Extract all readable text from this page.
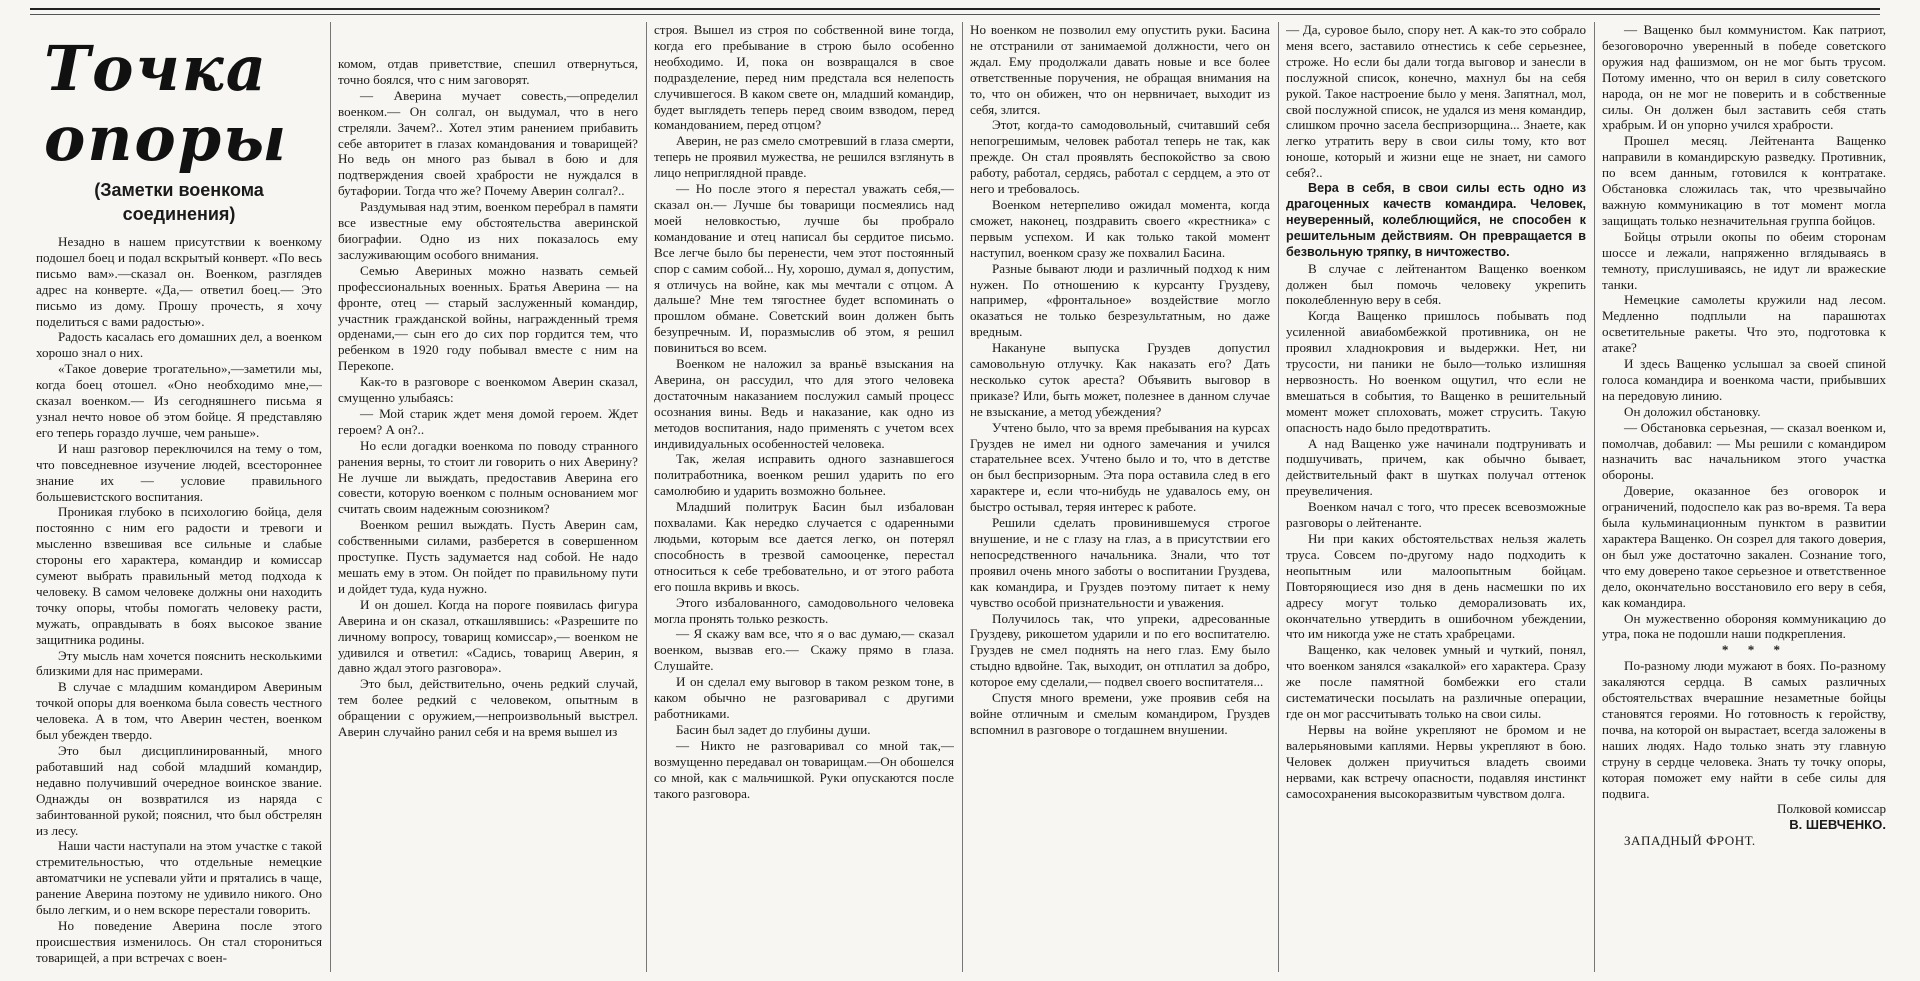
Точка опоры
(Заметки военкома соединения)

Незадно в нашем присутствии к военкому подошел боец и подал вскрытый конверт. «По весь письмо вам».—сказал он. Военком, разглядев адрес на конверте. «Да,— ответил боец.— Это письмо из дому. Прошу прочесть, я хочу поделиться с вами радостью».

Радость касалась его домашних дел, а военком хорошо знал о них.

«Такое доверие трогательно»,—заметили мы, когда боец отошел. «Оно необходимо мне,— сказал военком.— Из сегодняшнего письма я узнал нечто новое об этом бойце. Я представляю его теперь гораздо лучше, чем раньше».

И наш разговор переключился на тему о том, что повседневное изучение людей, всестороннее знание их — условие правильного большевистского воспитания.

Проникая глубоко в психологию бойца, деля постоянно с ним его радости и тревоги и мысленно взвешивая все сильные и слабые стороны его характера, командир и комиссар сумеют выбрать правильный метод подхода к человеку. В самом человеке должны они находить точку опоры, чтобы помогать человеку расти, мужать, оправдывать в боях высокое звание защитника родины.

Эту мысль нам хочется пояснить несколькими близкими для нас примерами.

В случае с младшим командиром Авериным точкой опоры для военкома была совесть честного человека. А в том, что Аверин честен, военком был убежден твердо.

Это был дисциплинированный, много работавший над собой младший командир, недавно получивший очередное воинское звание. Однажды он возвратился из наряда с забинтованной рукой; пояснил, что был обстрелян из лесу.

Наши части наступали на этом участке с такой стремительностью, что отдельные немецкие автоматчики не успевали уйти и прятались в чаще, ранение Аверина поэтому не удивило никого. Оно было легким, и о нем вскоре перестали говорить.

Но поведение Аверина после этого происшествия изменилось. Он стал сторониться товарищей, а при встречах с воен-

комом, отдав приветствие, спешил отвернуться, точно боялся, что с ним заговорят.

— Аверина мучает совесть,—определил военком.— Он солгал, он выдумал, что в него стреляли. Зачем?.. Хотел этим ранением прибавить себе авторитет в глазах командования и товарищей? Но ведь он много раз бывал в бою и для подтверждения своей храбрости не нуждался в бутафории. Тогда что же? Почему Аверин солгал?..

Раздумывая над этим, военком перебрал в памяти все известные ему обстоятельства аверинской биографии. Одно из них показалось ему заслуживающим особого внимания.

Семью Авериных можно назвать семьей профессиональных военных. Братья Аверина — на фронте, отец — старый заслуженный командир, участник гражданской войны, награжденный тремя орденами,— сын его до сих пор гордится тем, что ребенком в 1920 году побывал вместе с ним на Перекопе.

Как-то в разговоре с военкомом Аверин сказал, смущенно улыбаясь:

— Мой старик ждет меня домой героем. Ждет героем? А он?..

Но если догадки военкома по поводу странного ранения верны, то стоит ли говорить о них Аверину? Не лучше ли выждать, предоставив Аверина его совести, которую военком с полным основанием мог считать своим надежным союзником?

Военком решил выждать. Пусть Аверин сам, собственными силами, разберется в совершенном проступке. Пусть задумается над собой. Не надо мешать ему в этом. Он пойдет по правильному пути и дойдет туда, куда нужно.

И он дошел. Когда на пороге появилась фигура Аверина и он сказал, откашлявшись: «Разрешите по личному вопросу, товарищ комиссар»,— военком не удивился и ответил: «Садись, товарищ Аверин, я давно ждал этого разговора».

Это был, действительно, очень редкий случай, тем более редкий с человеком, опытным в обращении с оружием,—непроизвольный выстрел. Аверин случайно ранил себя и на время вышел из

строя. Вышел из строя по собственной вине тогда, когда его пребывание в строю было особенно необходимо. И, пока он возвращался в свое подразделение, перед ним предстала вся нелепость случившегося. В каком свете он, младший командир, будет выглядеть теперь перед своим взводом, перед командованием, перед отцом?

Аверин, не раз смело смотревший в глаза смерти, теперь не проявил мужества, не решился взглянуть в лицо неприглядной правде.

— Но после этого я перестал уважать себя,— сказал он.— Лучше бы товарищи посмеялись над моей неловкостью, лучше бы пробрало командование и отец написал бы сердитое письмо. Все легче было бы перенести, чем этот постоянный спор с самим собой... Ну, хорошо, думал я, допустим, я отличусь на войне, как мы мечтали с отцом. А дальше? Мне тем тягостнее будет вспоминать о прошлом обмане. Советский воин должен быть безупречным. И, поразмыслив об этом, я решил повиниться во всем.

Военком не наложил за враньё взыскания на Аверина, он рассудил, что для этого человека достаточным наказанием послужил самый процесс осознания вины. Ведь и наказание, как одно из методов воспитания, надо применять с учетом всех индивидуальных особенностей человека.

Так, желая исправить одного зазнавшегося политработника, военком решил ударить по его самолюбию и ударить возможно больнее.

Младший политрук Басин был избалован похвалами. Как нередко случается с одаренными людьми, которым все дается легко, он потерял способность в трезвой самооценке, перестал относиться к себе требовательно, и от этого работа его пошла вкривь и вкось.

Этого избалованного, самодовольного человека могла пронять только резкость.

— Я скажу вам все, что я о вас думаю,— сказал военком, вызвав его.— Скажу прямо в глаза. Слушайте.

И он сделал ему выговор в таком резком тоне, в каком обычно не разговаривал с другими работниками.

Басин был задет до глубины души.

— Никто не разговаривал со мной так,— возмущенно передавал он товарищам.—Он обошелся со мной, как с мальчишкой. Руки опускаются после такого разговора.

Но военком не позволил ему опустить руки. Басина не отстранили от занимаемой должности, чего он ждал. Ему продолжали давать новые и все более ответственные поручения, не обращая внимания на то, что он обижен, что он нервничает, выходит из себя, злится.

Этот, когда-то самодовольный, считавший себя непогрешимым, человек работал теперь не так, как прежде. Он стал проявлять беспокойство за свою работу, работал, сердясь, работал с сердцем, а это от него и требовалось.

Военком нетерпеливо ожидал момента, когда сможет, наконец, поздравить своего «крестника» с первым успехом. И как только такой момент наступил, военком сразу же похвалил Басина.

Разные бывают люди и различный подход к ним нужен. По отношению к курсанту Груздеву, например, «фронтальное» воздействие могло оказаться не только безрезультатным, но даже вредным.

Накануне выпуска Груздев допустил самовольную отлучку. Как наказать его? Дать несколько суток ареста? Объявить выговор в приказе? Или, быть может, полезнее в данном случае не взыскание, а метод убеждения?

Учтено было, что за время пребывания на курсах Груздев не имел ни одного замечания и учился старательнее всех. Учтено было и то, что в детстве он был беспризорным. Эта пора оставила след в его характере и, если что-нибудь не удавалось ему, он быстро остывал, теряя интерес к работе.

Решили сделать провинившемуся строгое внушение, и не с глазу на глаз, а в присутствии его непосредственного начальника. Знали, что тот проявил очень много заботы о воспитании Груздева, как командира, и Груздев поэтому питает к нему чувство особой признательности и уважения.

Получилось так, что упреки, адресованные Груздеву, рикошетом ударили и по его воспитателю. Груздев не смел поднять на него глаз. Ему было стыдно вдвойне. Так, выходит, он отплатил за добро, которое ему сделали,— подвел своего воспитателя...

Спустя много времени, уже проявив себя на войне отличным и смелым командиром, Груздев вспомнил в разговоре о тогдашнем внушении.

— Да, суровое было, спору нет. А как-то это собрало меня всего, заставило отнестись к себе серьезнее, строже. Но если бы дали тогда выговор и занесли в послужной список, конечно, махнул бы на себя рукой. Такое настроение было у меня. Запятнал, мол, свой послужной список, не удался из меня командир, слишком прочно засела беспризорщина... Знаете, как легко утратить веру в свои силы тому, кто вот юноше, который и жизни еще не знает, ни самого себя?..

Вера в себя, в свои силы есть одно из драгоценных качеств командира. Человек, неуверенный, колеблющийся, не способен к решительным действиям. Он превращается в безвольную тряпку, в ничтожество.

В случае с лейтенантом Ващенко военком должен был помочь человеку укрепить поколебленную веру в себя.

Когда Ващенко пришлось побывать под усиленной авиабомбежкой противника, он не проявил хладнокровия и выдержки. Нет, ни трусости, ни паники не было—только излишняя нервозность. Но военком ощутил, что если не вмешаться в события, то Ващенко в решительный момент может сплоховать, может струсить. Такую опасность надо было предотвратить.

А над Ващенко уже начинали подтрунивать и подшучивать, причем, как обычно бывает, действительный факт в шутках получал оттенок преувеличения.

Военком начал с того, что пресек всевозможные разговоры о лейтенанте.

Ни при каких обстоятельствах нельзя жалеть труса. Совсем по-другому надо подходить к неопытным или малоопытным бойцам. Повторяющиеся изо дня в день насмешки по их адресу могут только деморализовать их, окончательно утвердить в ошибочном убеждении, что им никогда уже не стать храбрецами.

Ващенко, как человек умный и чуткий, понял, что военком занялся «закалкой» его характера. Сразу же после памятной бомбежки его стали систематически посылать на различные операции, где он мог рассчитывать только на свои силы.

Нервы на войне укрепляют не бромом и не валерьяновыми каплями. Нервы укрепляют в бою. Человек должен приучиться владеть своими нервами, как встречу опасности, подавляя инстинкт самосохранения высокоразвитым чувством долга.

— Ващенко был коммунистом. Как патриот, безоговорочно уверенный в победе советского оружия над фашизмом, он не мог быть трусом. Потому именно, что он верил в силу советского народа, он не мог не поверить и в собственные силы. Он должен был заставить себя стать храбрым. И он упорно учился храбрости.

Прошел месяц. Лейтенанта Ващенко направили в командирскую разведку. Противник, по всем данным, готовился к контратаке. Обстановка сложилась так, что чрезвычайно важную коммуникацию в тот момент могла защищать только незначительная группа бойцов.

Бойцы отрыли окопы по обеим сторонам шоссе и лежали, напряженно вглядываясь в темноту, прислушиваясь, не идут ли вражеские танки.

Немецкие самолеты кружили над лесом. Медленно подплыли на парашютах осветительные ракеты. Что это, подготовка к атаке?

И здесь Ващенко услышал за своей спиной голоса командира и военкома части, прибывших на передовую линию.

Он доложил обстановку.

— Обстановка серьезная, — сказал военком и, помолчав, добавил: — Мы решили с командиром назначить вас начальником этого участка обороны.

Доверие, оказанное без оговорок и ограничений, подоспело как раз во-время. Та вера была кульминационным пунктом в развитии характера Ващенко. Он созрел для такого доверия, он был уже достаточно закален. Сознание того, что ему доверено такое серьезное и ответственное дело, окончательно восстановило его веру в себя, как командира.

Он мужественно обороняя коммуникацию до утра, пока не подошли наши подкрепления.

* * *

По-разному люди мужают в боях. По-разному закаляются сердца. В самых различных обстоятельствах вчерашние незаметные бойцы становятся героями. Но готовность к геройству, почва, на которой он вырастает, всегда заложены в наших людях. Надо только знать эту главную струну в сердце человека. Знать ту точку опоры, которая поможет ему найти в себе силы для подвига.

Полковой комиссар

В. ШЕВЧЕНКО.

ЗАПАДНЫЙ ФРОНТ.
